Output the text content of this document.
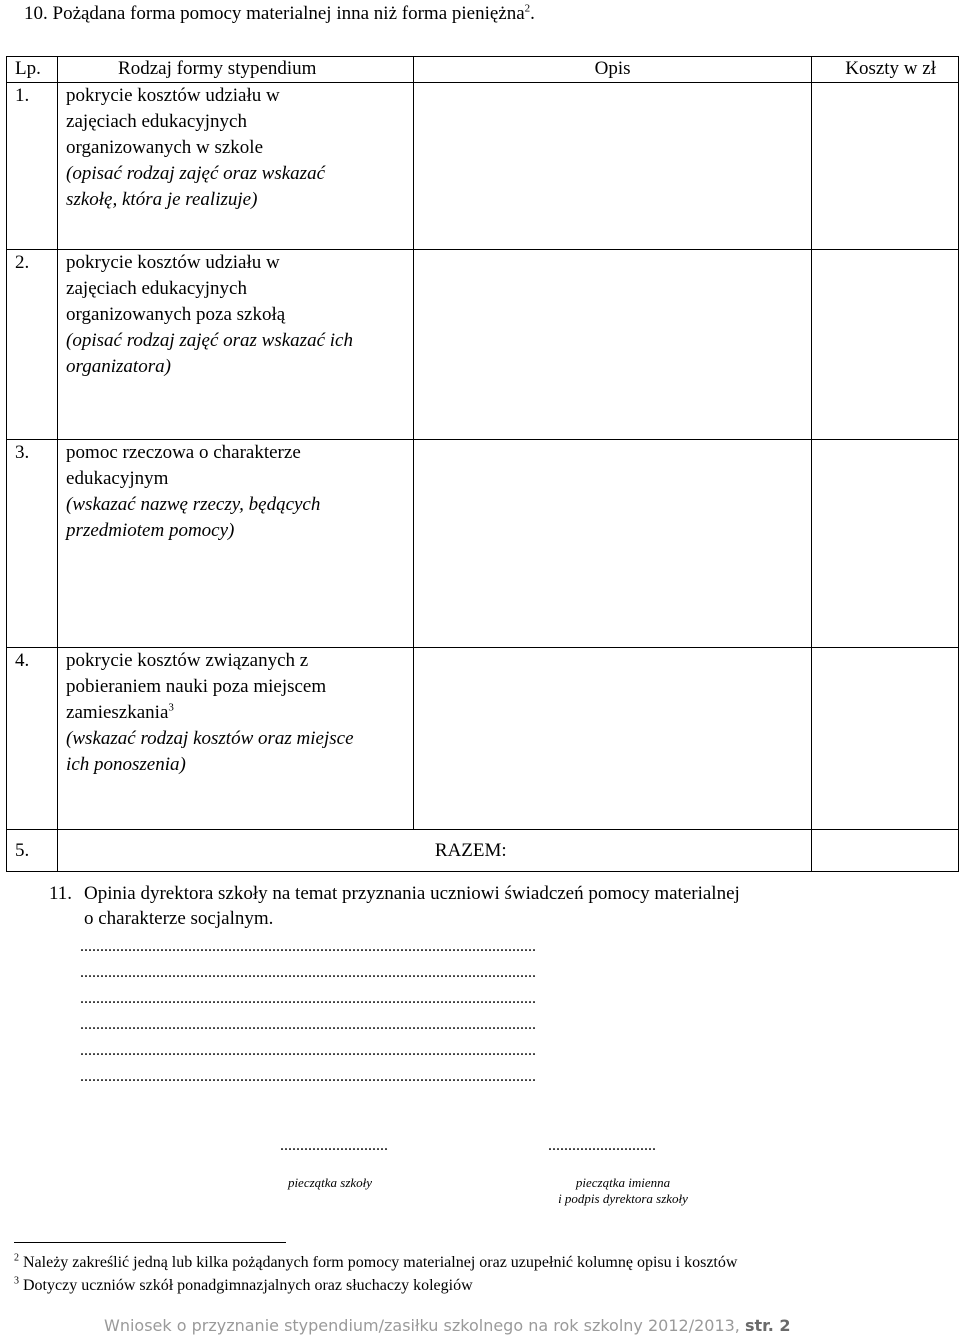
10. Pożądana forma pomocy materialnej inna niż forma pieniężna$^2$.
Lp.	Rodzaj formy stypendium	Opis	Koszty w zł
1.	pokrycie kosztów udziału w
zajęciach edukacyjnych
organizowanych w szkole
(opisać rodzaj zajęć oraz wskazać
szkołę, która je realizuje)		

2.	pokrycie kosztów udziału w
zajęciach edukacyjnych
organizowanych poza szkołą
(opisać rodzaj zajęć oraz wskazać ich
organizatora)		

3.	pomoc rzeczowa o charakterze
edukacyjnym
(wskazać nazwę rzeczy, będących
przedmiotem pomocy)		

4.	pokrycie kosztów związanych z
pobieraniem nauki poza miejscem
zamieszkania$^3$
(wskazać rodzaj kosztów oraz miejsce
ich ponoszenia)		

5.		RAZEM:	
11. Opinia dyrektora szkoły na temat przyznania uczniowi świadczeń pomocy materialnej
o charakterze socjalnym.
..................................................................................................................
..................................................................................................................
..................................................................................................................
..................................................................................................................
..................................................................................................................
..................................................................................................................
...........................	...........................
pieczątka szkoły	pieczątka imienna
i podpis dyrektora szkoły
$^2$ Należy zakreślić jedną lub kilka pożądanych form pomocy materialnej oraz uzupełnić kolumnę opisu i kosztów
$^3$ Dotyczy uczniów szkół ponadgimnazjalnych oraz słuchaczy kolegiów
Wniosek o przyznanie stypendium/zasiłku szkolnego na rok szkolny 2012/2013, str. 2
